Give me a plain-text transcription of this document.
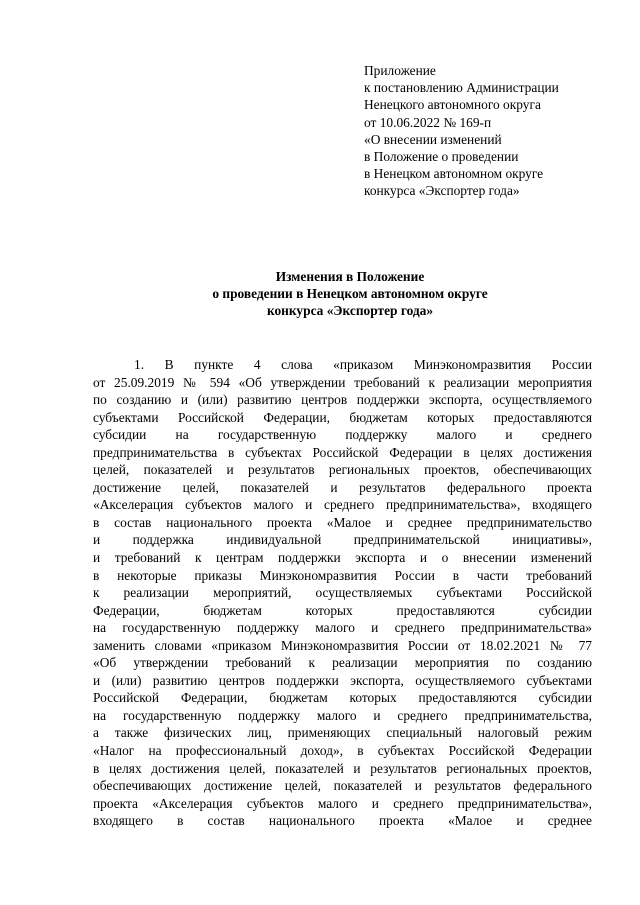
Приложение
к постановлению Администрации
Ненецкого автономного округа
от 10.06.2022 № 169-п
«О внесении изменений
в Положение о проведении
в Ненецком автономном округе
конкурса «Экспортер года»
Изменения в Положение
о проведении в Ненецком автономном округе
конкурса «Экспортер года»
1. В пункте 4 слова «приказом Минэкономразвития России
от 25.09.2019 № 594 «Об утверждении требований к реализации мероприятия
по созданию и (или) развитию центров поддержки экспорта, осуществляемого
субъектами Российской Федерации, бюджетам которых предоставляются
субсидии на государственную поддержку малого и среднего
предпринимательства в субъектах Российской Федерации в целях достижения
целей, показателей и результатов региональных проектов, обеспечивающих
достижение целей, показателей и результатов федерального проекта
«Акселерация субъектов малого и среднего предпринимательства», входящего
в состав национального проекта «Малое и среднее предпринимательство
и поддержка индивидуальной предпринимательской инициативы»,
и требований к центрам поддержки экспорта и о внесении изменений
в некоторые приказы Минэкономразвития России в части требований
к реализации мероприятий, осуществляемых субъектами Российской
Федерации, бюджетам которых предоставляются субсидии
на государственную поддержку малого и среднего предпринимательства»
заменить словами «приказом Минэкономразвития России от 18.02.2021 № 77
«Об утверждении требований к реализации мероприятия по созданию
и (или) развитию центров поддержки экспорта, осуществляемого субъектами
Российской Федерации, бюджетам которых предоставляются субсидии
на государственную поддержку малого и среднего предпринимательства,
а также физических лиц, применяющих специальный налоговый режим
«Налог на профессиональный доход», в субъектах Российской Федерации
в целях достижения целей, показателей и результатов региональных проектов,
обеспечивающих достижение целей, показателей и результатов федерального
проекта «Акселерация субъектов малого и среднего предпринимательства»,
входящего в состав национального проекта «Малое и среднее
